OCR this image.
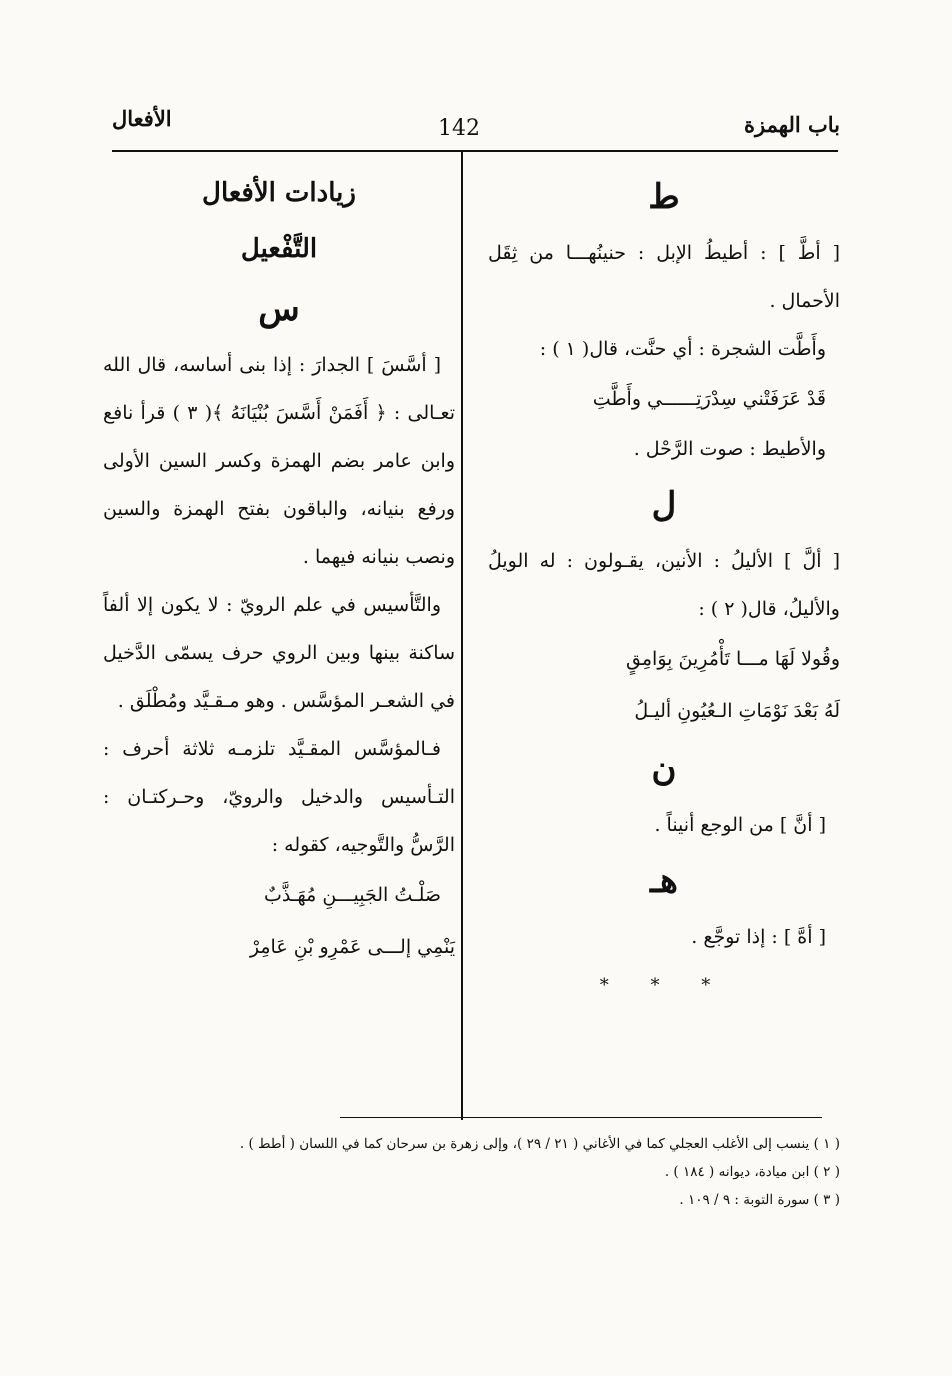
باب الهمزة
142
الأفعال

ط

[ أطَّ ] : أطيطُ الإبل : حنينُهـــا من ثِقَل الأحمال .

وأَطَّت الشجرة : أي حنَّت، قال( ١ ) :

قَدْ عَرَفَتْني سِدْرَتِــــــي وأَطَّتِ

والأطيط : صوت الرَّحْل .

ل

[ ألَّ ] الأليلُ : الأنين، يقـولون : له الويلُ والأليلُ، قال( ٢ ) :

وقُولا لَهَا مـــا تَأْمُرِينَ بِوَامِقٍ

لَهُ بَعْدَ نَوْمَاتِ الـعُيُونِ أليـلُ

ن

[ أنَّ ] من الوجع أنيناً .

هـ

[ أهَّ ] : إذا توجَّع .

* * *

زيادات الأفعال

التَّفْعيل

س

[ أسَّسَ ] الجدارَ : إذا بنى أساسه، قال الله تعـالى : ﴿ أَفَمَنْ أَسَّسَ بُنْيَانَهُ ﴾( ٣ ) قرأ نافع وابن عامر بضم الهمزة وكسر السين الأولى ورفع بنيانه، والباقون بفتح الهمزة والسين ونصب بنيانه فيهما .

والتَّأسيس في علم الرويّ : لا يكون إلا ألفاً ساكنة بينها وبين الروي حرف يسمّى الدَّخيل في الشعـر المؤسَّس . وهو مـقـيَّد ومُطْلَق .

فـالمؤسَّس المقـيَّد تلزمـه ثلاثة أحرف : التـأسيس والدخيل والرويّ، وحـركتـان : الرَّسُّ والتَّوجيه، كقوله :

صَلْـتُ الجَبِيـــنِ مُهَـذَّبٌ

يَنْمِي إلـــى عَمْرِو بْنِ عَامِرْ

( ١ ) ينسب إلى الأغلب العجلي كما في الأغاني ( ٢١ / ٢٩ )، وإلى زهرة بن سرحان كما في اللسان ( أطط ) .

( ٢ ) ابن ميادة، ديوانه ( ١٨٤ ) .

( ٣ ) سورة التوبة : ٩ / ١٠٩ .
